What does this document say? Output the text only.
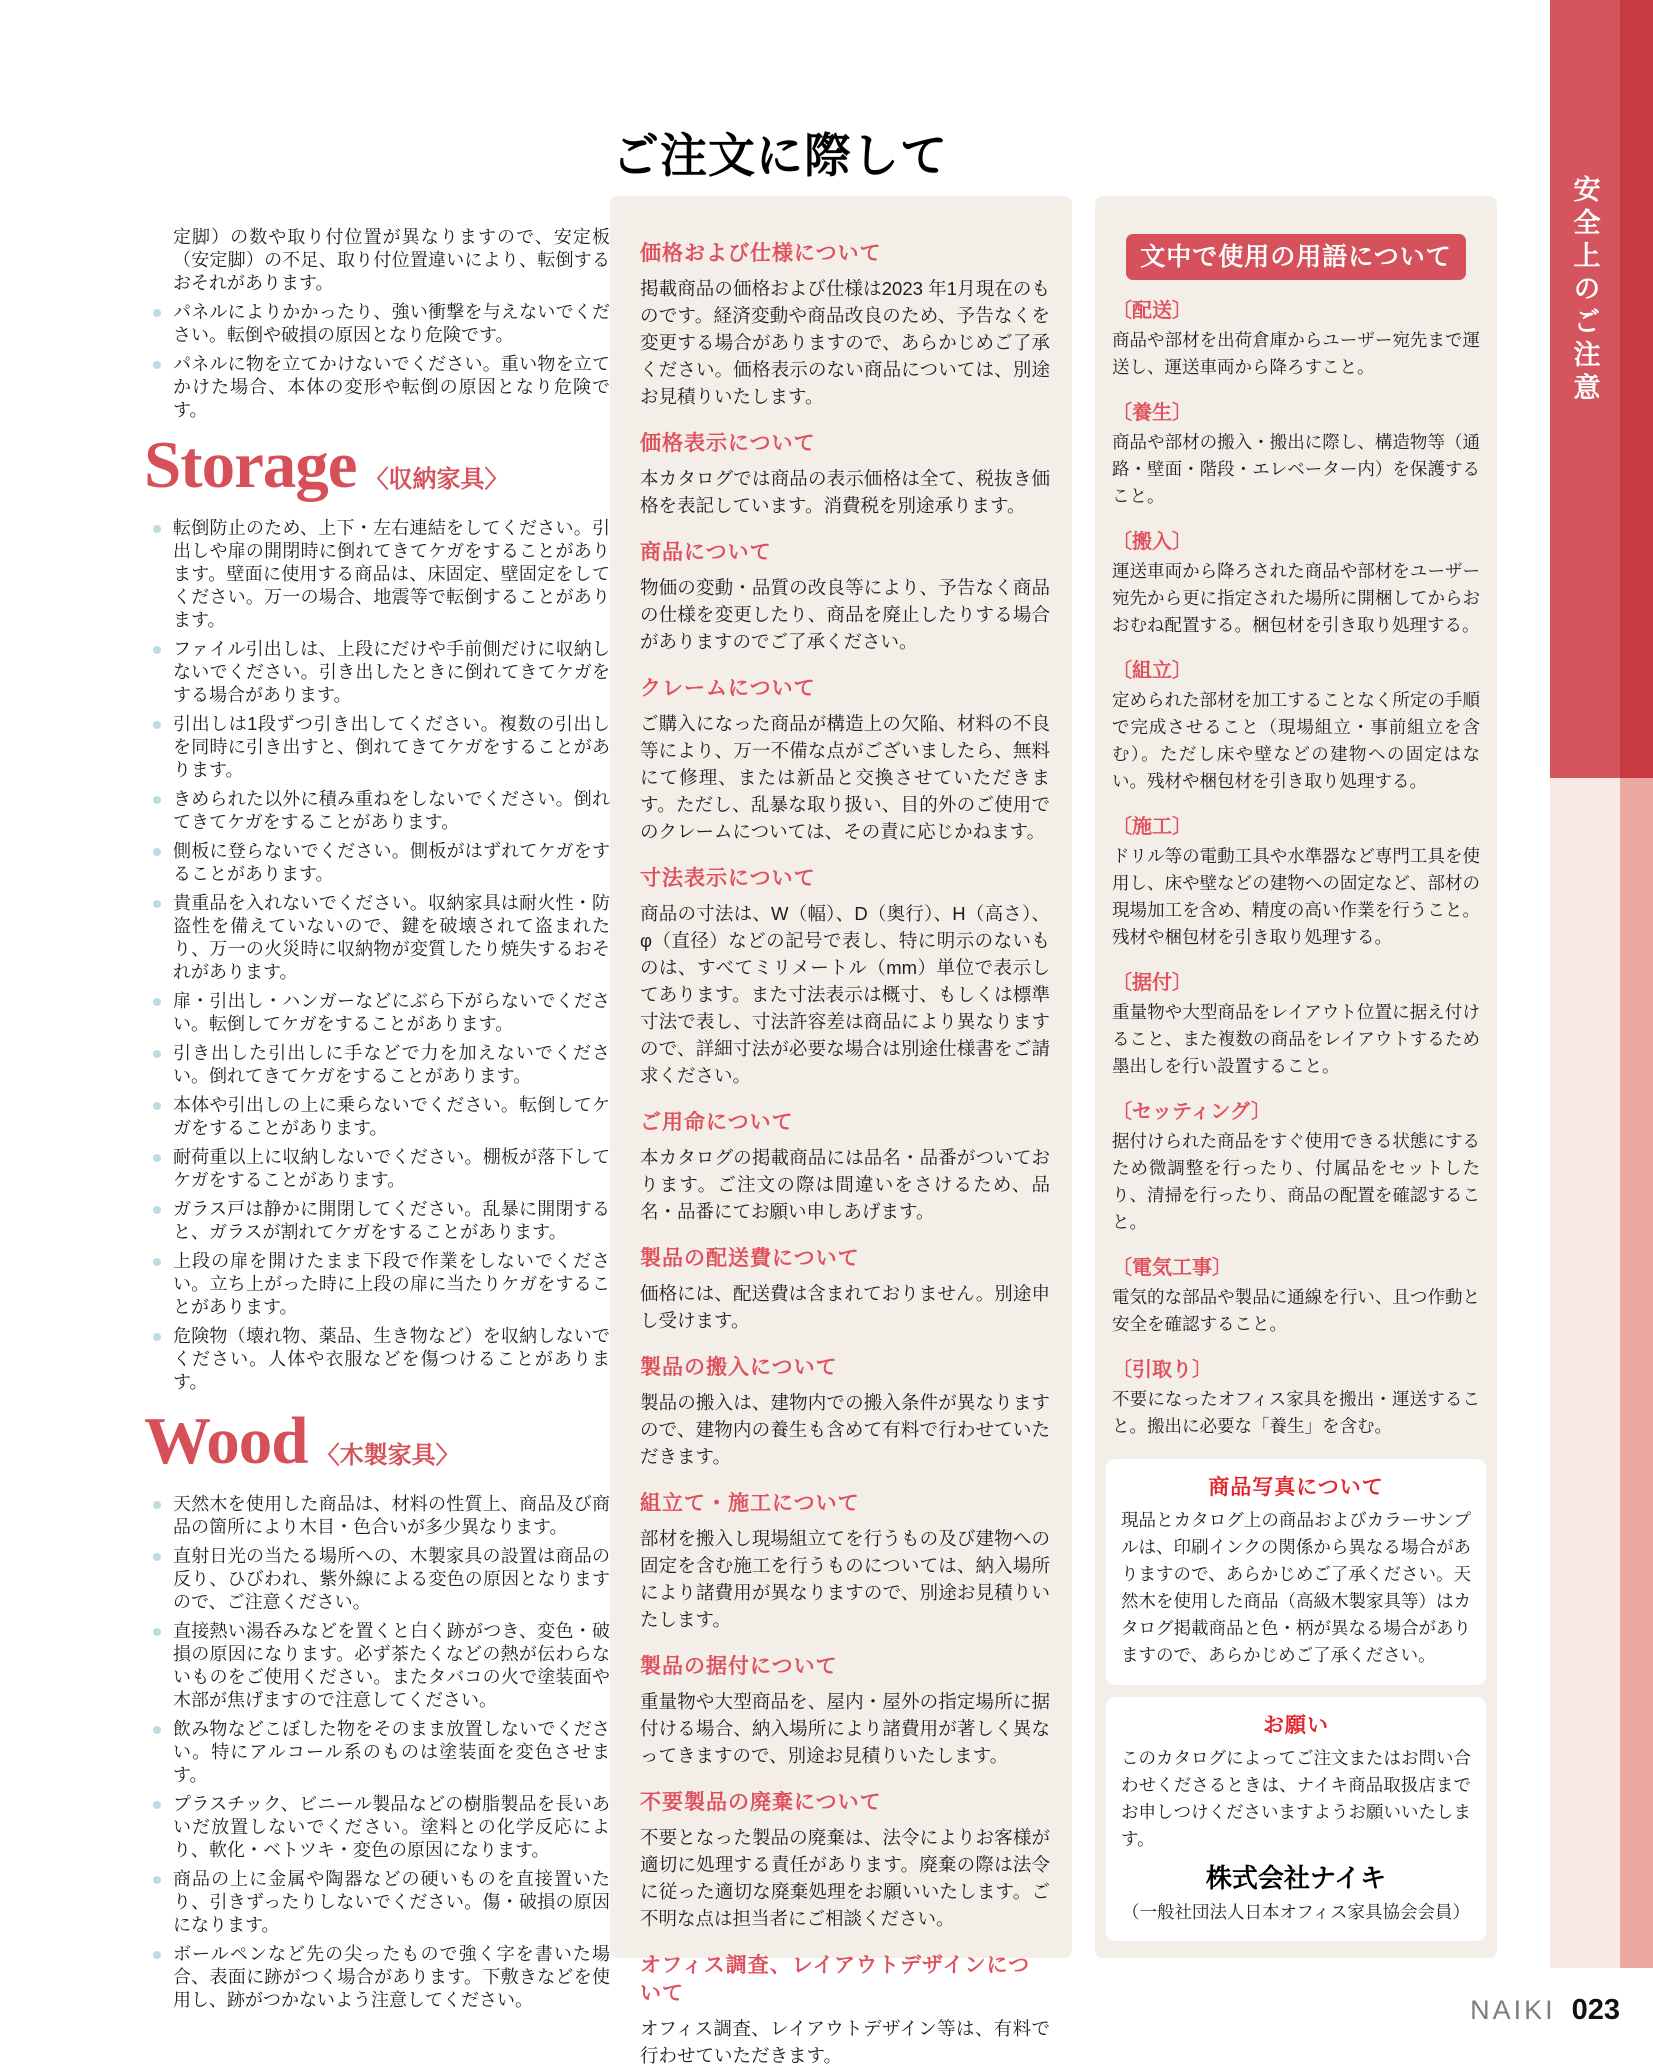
ご注文に際して

定脚）の数や取り付位置が異なりますので、安定板（安定脚）の不足、取り付位置違いにより、転倒するおそれがあります。

パネルによりかかったり、強い衝撃を与えないでください。転倒や破損の原因となり危険です。
パネルに物を立てかけないでください。重い物を立てかけた場合、本体の変形や転倒の原因となり危険です。
Storage 〈収納家具〉
転倒防止のため、上下・左右連結をしてください。引出しや扉の開閉時に倒れてきてケガをすることがあります。壁面に使用する商品は、床固定、壁固定をしてください。万一の場合、地震等で転倒することがあります。
ファイル引出しは、上段にだけや手前側だけに収納しないでください。引き出したときに倒れてきてケガをする場合があります。
引出しは1段ずつ引き出してください。複数の引出しを同時に引き出すと、倒れてきてケガをすることがあります。
きめられた以外に積み重ねをしないでください。倒れてきてケガをすることがあります。
側板に登らないでください。側板がはずれてケガをすることがあります。
貴重品を入れないでください。収納家具は耐火性・防盗性を備えていないので、鍵を破壊されて盗まれたり、万一の火災時に収納物が変質したり焼失するおそれがあります。
扉・引出し・ハンガーなどにぶら下がらないでください。転倒してケガをすることがあります。
引き出した引出しに手などで力を加えないでください。倒れてきてケガをすることがあります。
本体や引出しの上に乗らないでください。転倒してケガをすることがあります。
耐荷重以上に収納しないでください。棚板が落下してケガをすることがあります。
ガラス戸は静かに開閉してください。乱暴に開閉すると、ガラスが割れてケガをすることがあります。
上段の扉を開けたまま下段で作業をしないでください。立ち上がった時に上段の扉に当たりケガをすることがあります。
危険物（壊れ物、薬品、生き物など）を収納しないでください。人体や衣服などを傷つけることがあります。
Wood 〈木製家具〉
天然木を使用した商品は、材料の性質上、商品及び商品の箇所により木目・色合いが多少異なります。
直射日光の当たる場所への、木製家具の設置は商品の反り、ひびわれ、紫外線による変色の原因となりますので、ご注意ください。
直接熱い湯呑みなどを置くと白く跡がつき、変色・破損の原因になります。必ず茶たくなどの熱が伝わらないものをご使用ください。またタバコの火で塗装面や木部が焦げますので注意してください。
飲み物などこぼした物をそのまま放置しないでください。特にアルコール系のものは塗装面を変色させます。
プラスチック、ビニール製品などの樹脂製品を長いあいだ放置しないでください。塗料との化学反応により、軟化・ベトツキ・変色の原因になります。
商品の上に金属や陶器などの硬いものを直接置いたり、引きずったりしないでください。傷・破損の原因になります。
ボールペンなど先の尖ったもので強く字を書いた場合、表面に跡がつく場合があります。下敷きなどを使用し、跡がつかないよう注意してください。
価格および仕様について

掲載商品の価格および仕様は2023 年1月現在のものです。経済変動や商品改良のため、予告なくを変更する場合がありますので、あらかじめご了承ください。価格表示のない商品については、別途お見積りいたします。

価格表示について

本カタログでは商品の表示価格は全て、税抜き価格を表記しています。消費税を別途承ります。

商品について

物価の変動・品質の改良等により、予告なく商品の仕様を変更したり、商品を廃止したりする場合がありますのでご了承ください。

クレームについて

ご購入になった商品が構造上の欠陥、材料の不良等により、万一不備な点がございましたら、無料にて修理、または新品と交換させていただきます。ただし、乱暴な取り扱い、目的外のご使用でのクレームについては、その責に応じかねます。

寸法表示について

商品の寸法は、W（幅）、D（奥行）、H（高さ）、φ（直径）などの記号で表し、特に明示のないものは、すべてミリメートル（mm）単位で表示してあります。また寸法表示は概寸、もしくは標準寸法で表し、寸法許容差は商品により異なりますので、詳細寸法が必要な場合は別途仕様書をご請求ください。

ご用命について

本カタログの掲載商品には品名・品番がついております。ご注文の際は間違いをさけるため、品名・品番にてお願い申しあげます。

製品の配送費について

価格には、配送費は含まれておりません。別途申し受けます。

製品の搬入について

製品の搬入は、建物内での搬入条件が異なりますので、建物内の養生も含めて有料で行わせていただきます。

組立て・施工について

部材を搬入し現場組立てを行うもの及び建物への固定を含む施工を行うものについては、納入場所により諸費用が異なりますので、別途お見積りいたします。

製品の据付について

重量物や大型商品を、屋内・屋外の指定場所に据付ける場合、納入場所により諸費用が著しく異なってきますので、別途お見積りいたします。

不要製品の廃棄について

不要となった製品の廃棄は、法令によりお客様が適切に処理する責任があります。廃棄の際は法令に従った適切な廃棄処理をお願いいたします。ご不明な点は担当者にご相談ください。

オフィス調査、レイアウトデザインについて

オフィス調査、レイアウトデザイン等は、有料で行わせていただきます。

文中で使用の用語について
〔配送〕

商品や部材を出荷倉庫からユーザー宛先まで運送し、運送車両から降ろすこと。

〔養生〕

商品や部材の搬入・搬出に際し、構造物等（通路・壁面・階段・エレベーター内）を保護すること。

〔搬入〕

運送車両から降ろされた商品や部材をユーザー宛先から更に指定された場所に開梱してからおおむね配置する。梱包材を引き取り処理する。

〔組立〕

定められた部材を加工することなく所定の手順で完成させること（現場組立・事前組立を含む）。ただし床や壁などの建物への固定はない。残材や梱包材を引き取り処理する。

〔施工〕

ドリル等の電動工具や水準器など専門工具を使用し、床や壁などの建物への固定など、部材の現場加工を含め、精度の高い作業を行うこと。残材や梱包材を引き取り処理する。

〔据付〕

重量物や大型商品をレイアウト位置に据え付けること、また複数の商品をレイアウトするため墨出しを行い設置すること。

〔セッティング〕

据付けられた商品をすぐ使用できる状態にするため微調整を行ったり、付属品をセットしたり、清掃を行ったり、商品の配置を確認すること。

〔電気工事〕

電気的な部品や製品に通線を行い、且つ作動と安全を確認すること。

〔引取り〕

不要になったオフィス家具を搬出・運送すること。搬出に必要な「養生」を含む。

商品写真について

現品とカタログ上の商品およびカラーサンプルは、印刷インクの関係から異なる場合がありますので、あらかじめご了承ください。天然木を使用した商品（高級木製家具等）はカタログ掲載商品と色・柄が異なる場合がありますので、あらかじめご了承ください。

お願い

このカタログによってご注文またはお問い合わせくださるときは、ナイキ商品取扱店までお申しつけくださいますようお願いいたします。

株式会社ナイキ
（一般社団法人日本オフィス家具協会会員）
安全上のご注意
NAIKI 023
